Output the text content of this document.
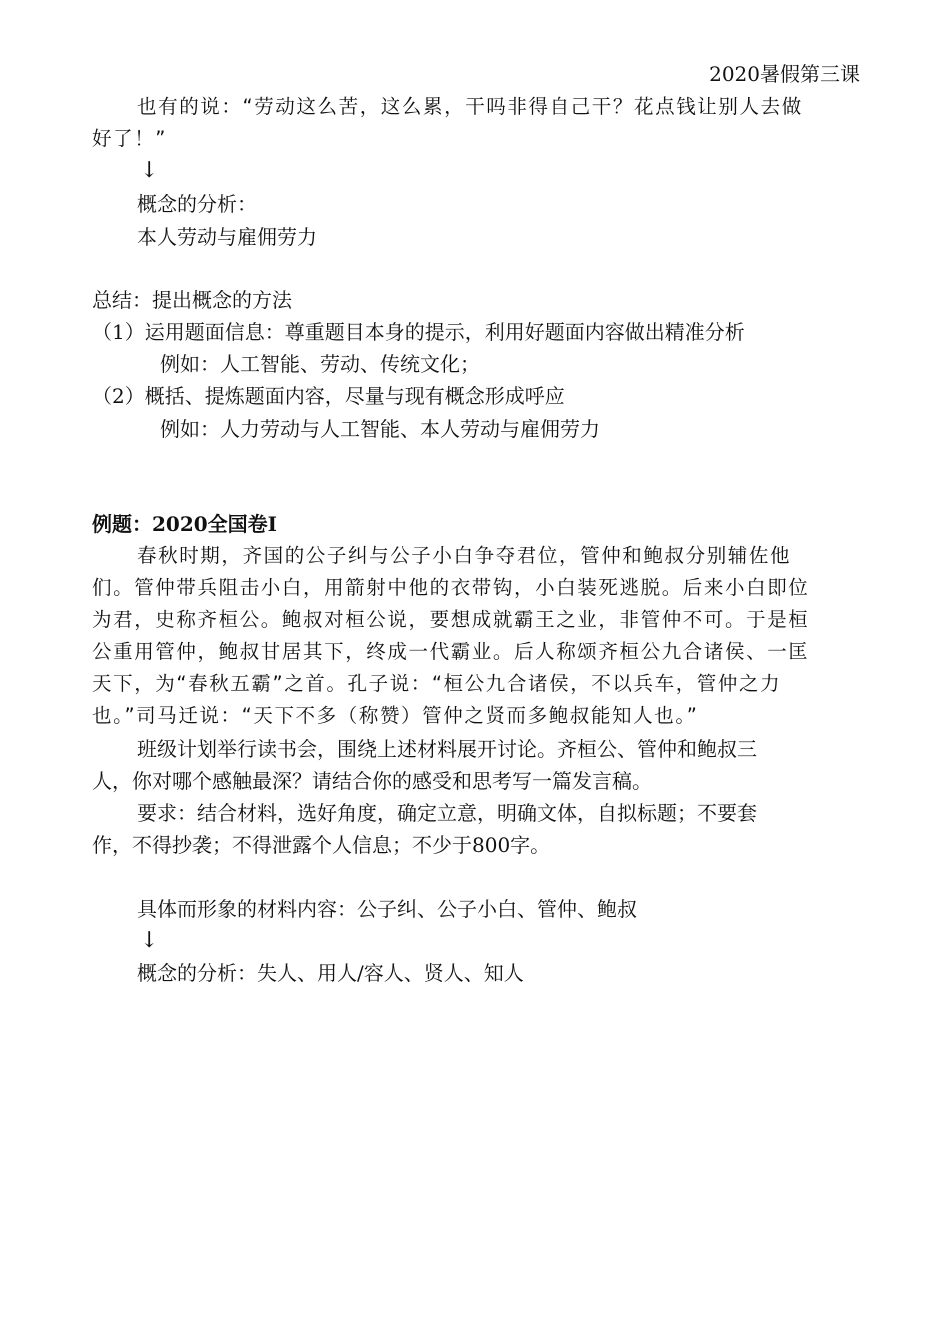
2020暑假第三课
也有的说：“劳动这么苦，这么累，干吗非得自己干？花点钱让别人去做
好了！”
↓
概念的分析：
本人劳动与雇佣劳力
总结：提出概念的方法
（1）运用题面信息：尊重题目本身的提示，利用好题面内容做出精准分析
例如：人工智能、劳动、传统文化；
（2）概括、提炼题面内容，尽量与现有概念形成呼应
例如：人力劳动与人工智能、本人劳动与雇佣劳力
例题：2020全国卷Ⅰ
春秋时期，齐国的公子纠与公子小白争夺君位，管仲和鲍叔分别辅佐他
们。管仲带兵阻击小白，用箭射中他的衣带钩，小白装死逃脱。后来小白即位
为君，史称齐桓公。鲍叔对桓公说，要想成就霸王之业，非管仲不可。于是桓
公重用管仲，鲍叔甘居其下，终成一代霸业。后人称颂齐桓公九合诸侯、一匡
天下，为“春秋五霸”之首。孔子说：“桓公九合诸侯，不以兵车，管仲之力
也。”司马迁说：“天下不多（称赞）管仲之贤而多鲍叔能知人也。”
班级计划举行读书会，围绕上述材料展开讨论。齐桓公、管仲和鲍叔三
人，你对哪个感触最深？请结合你的感受和思考写一篇发言稿。
要求：结合材料，选好角度，确定立意，明确文体，自拟标题；不要套
作，不得抄袭；不得泄露个人信息；不少于800字。
具体而形象的材料内容：公子纠、公子小白、管仲、鲍叔
↓
概念的分析：失人、用人/容人、贤人、知人
